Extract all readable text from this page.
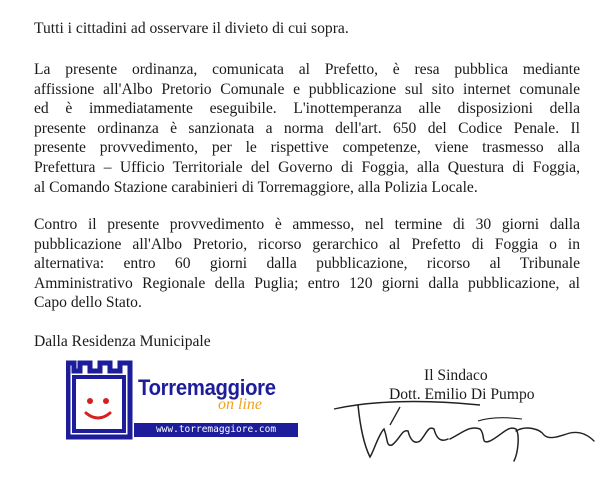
Tutti i cittadini ad osservare il divieto di cui sopra.

La presente ordinanza, comunicata al Prefetto, è resa pubblica mediante
affissione all'Albo Pretorio Comunale e pubblicazione sul sito internet comunale
ed è immediatamente eseguibile. L'inottemperanza alle disposizioni della
presente ordinanza è sanzionata a norma dell'art. 650 del Codice Penale. Il
presente provvedimento, per le rispettive competenze, viene trasmesso alla
Prefettura – Ufficio Territoriale del Governo di Foggia, alla Questura di Foggia,
al Comando Stazione carabinieri di Torremaggiore, alla Polizia Locale.

Contro il presente provvedimento è ammesso, nel termine di 30 giorni dalla
pubblicazione all'Albo Pretorio, ricorso gerarchico al Prefetto di Foggia o in
alternativa: entro 60 giorni dalla pubblicazione, ricorso al Tribunale
Amministrativo Regionale della Puglia; entro 120 giorni dalla pubblicazione, al
Capo dello Stato.

Dalla Residenza Municipale

Torremaggiore
on line
www.torremaggiore.com
Il Sindaco
Dott. Emilio Di Pumpo
